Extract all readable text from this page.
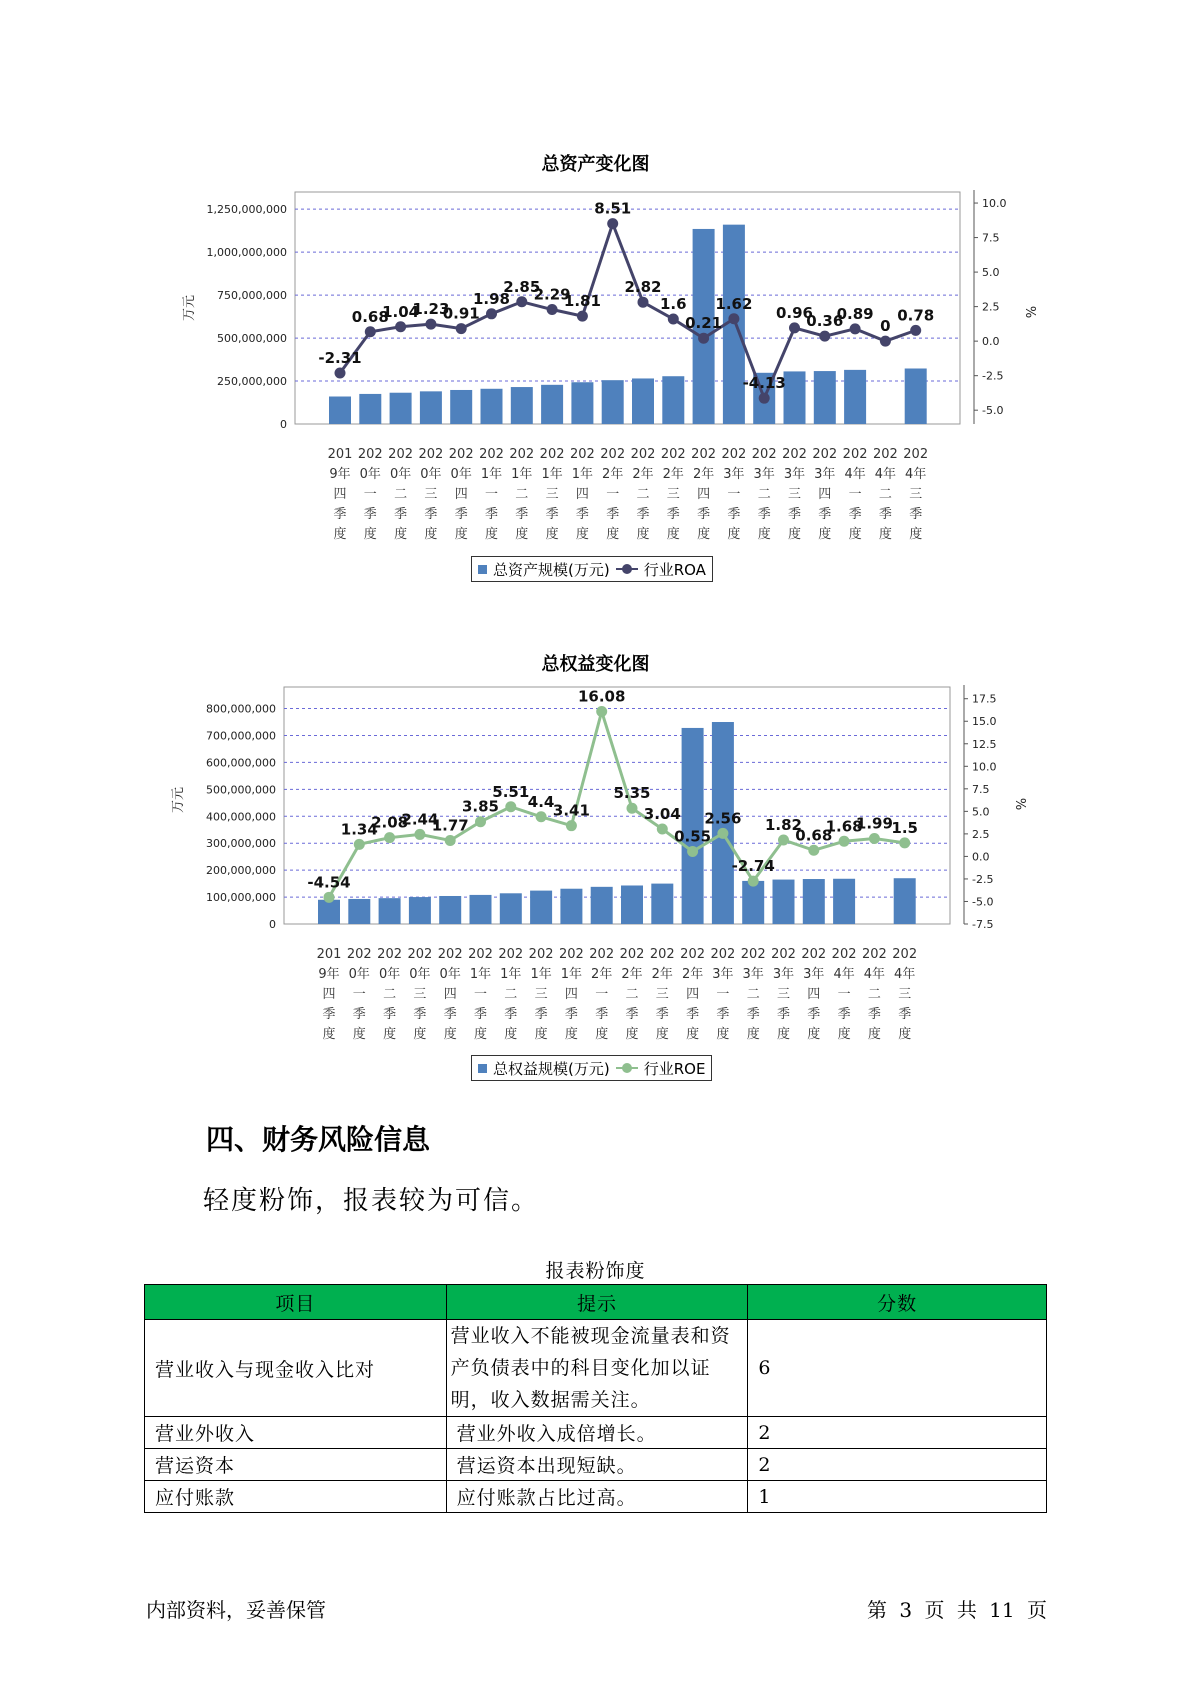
总资产变化图
0
250,000,000
500,000,000
750,000,000
1,000,000,000
1,250,000,000
-5.0
-2.5
0.0
2.5
5.0
7.5
10.0
万元	%
-2.31
0.68
1.04
1.23
0.91
1.98
2.85
2.29
1.81
8.51
2.82
1.6
0.21
1.62
-4.13
0.96
0.36
0.89
0
0.78
201
9年
四
季
度
202
0年
一
季
度
202
0年
二
季
度
202
0年
三
季
度
202
0年
四
季
度
202
1年
一
季
度
202
1年
二
季
度
202
1年
三
季
度
202
1年
四
季
度
202
2年
一
季
度
202
2年
二
季
度
202
2年
三
季
度
202
2年
四
季
度
202
3年
一
季
度
202
3年
二
季
度
202
3年
三
季
度
202
3年
四
季
度
202
4年
一
季
度
202
4年
二
季
度
202
4年
三
季
度
总资产规模(万元) 行业ROA
总权益变化图
0
100,000,000
200,000,000
300,000,000
400,000,000
500,000,000
600,000,000
700,000,000
800,000,000
-7.5
-5.0
-2.5
0.0
2.5
5.0
7.5
10.0
12.5
15.0
17.5
万元	%
-4.54
1.34
2.08
2.44
1.77
3.85
5.51
4.4
3.41
16.08
5.35
3.04
0.55
2.56
-2.74
1.82
0.68
1.68
1.99
1.5
201
9年
四
季
度
202
0年
一
季
度
202
0年
二
季
度
202
0年
三
季
度
202
0年
四
季
度
202
1年
一
季
度
202
1年
二
季
度
202
1年
三
季
度
202
1年
四
季
度
202
2年
一
季
度
202
2年
二
季
度
202
2年
三
季
度
202
2年
四
季
度
202
3年
一
季
度
202
3年
二
季
度
202
3年
三
季
度
202
3年
四
季
度
202
4年
一
季
度
202
4年
二
季
度
202
4年
三
季
度
总权益规模(万元) 行业ROE
四、财务风险信息
轻度粉饰，报表较为可信。
报表粉饰度
项目	提示	分数
营业收入与现金收入比对	营业收入不能被现金流量表和资产负债表中的科目变化加以证明，收入数据需关注。	6
营业外收入	营业外收入成倍增长。	2
营运资本	营运资本出现短缺。	2
应付账款	应付账款占比过高。	1
内部资料，妥善保管	第 3 页 共 11 页
